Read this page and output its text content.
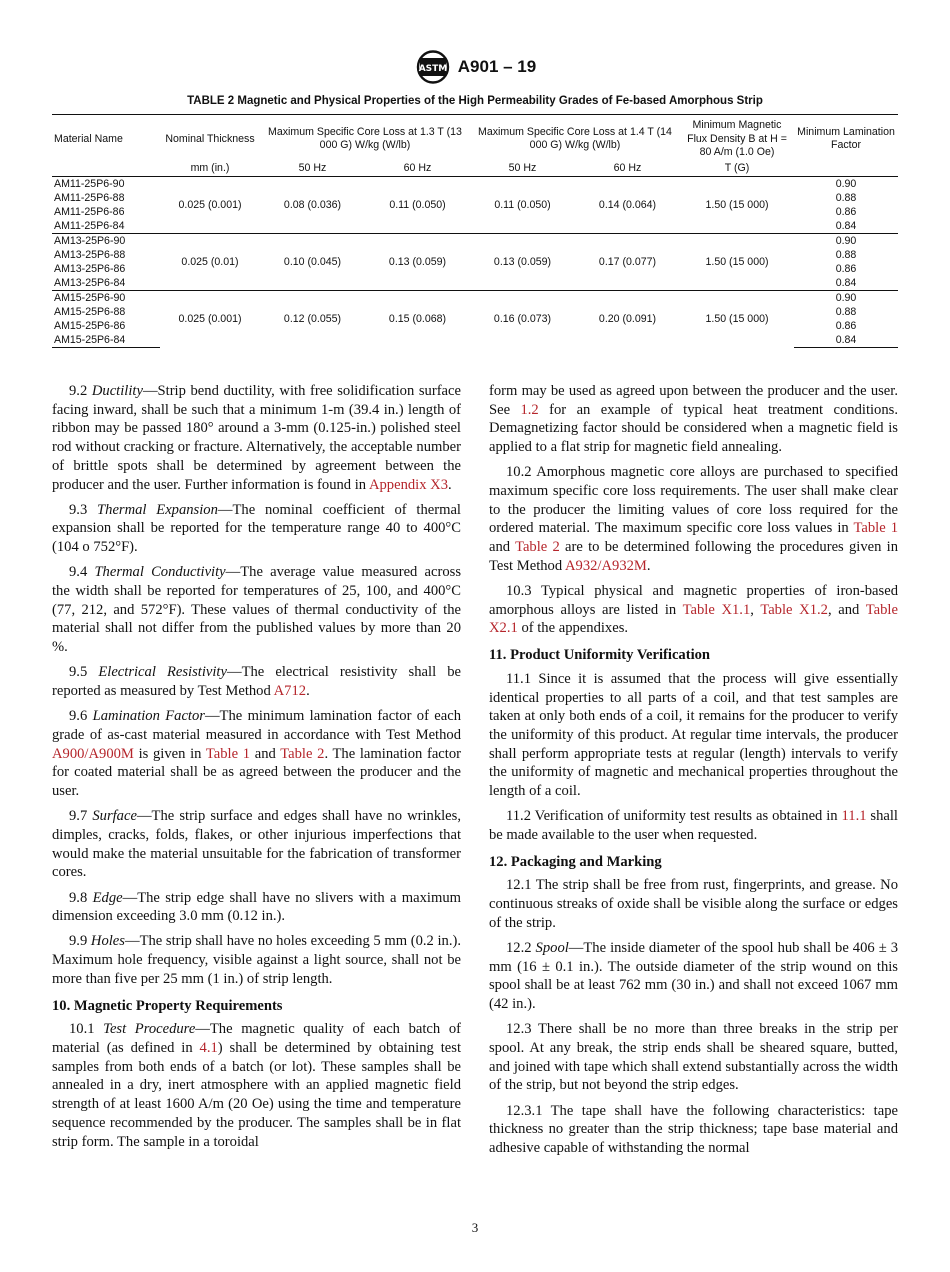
ASTM A901 – 19
TABLE 2 Magnetic and Physical Properties of the High Permeability Grades of Fe-based Amorphous Strip
Material Name	Nominal Thickness	Maximum Specific Core Loss at 1.3 T (13 000 G) W/kg (W/lb)		Maximum Specific Core Loss at 1.4 T (14 000 G) W/kg (W/lb)		Minimum Magnetic Flux Density B at H = 80 A/m (1.0 Oe)	Minimum Lamination Factor
	mm (in.)	50 Hz	60 Hz	50 Hz	60 Hz	T (G)	
AM11-25P6-90	0.025 (0.001)	0.08 (0.036)	0.11 (0.050)	0.11 (0.050)	0.14 (0.064)	1.50 (15 000)	0.90
AM11-25P6-88							0.88
AM11-25P6-86							0.86
AM11-25P6-84							0.84
AM13-25P6-90	0.025 (0.01)	0.10 (0.045)	0.13 (0.059)	0.13 (0.059)	0.17 (0.077)	1.50 (15 000)	0.90
AM13-25P6-88							0.88
AM13-25P6-86							0.86
AM13-25P6-84							0.84
AM15-25P6-90	0.025 (0.001)	0.12 (0.055)	0.15 (0.068)	0.16 (0.073)	0.20 (0.091)	1.50 (15 000)	0.90
AM15-25P6-88							0.88
AM15-25P6-86							0.86
AM15-25P6-84							0.84

9.2 Ductility—Strip bend ductility, with free solidification surface facing inward, shall be such that a minimum 1-m (39.4 in.) length of ribbon may be passed 180° around a 3-mm (0.125-in.) polished steel rod without cracking or fracture. Alternatively, the acceptable number of brittle spots shall be determined by agreement between the producer and the user. Further information is found in Appendix X3.

9.3 Thermal Expansion—The nominal coefficient of thermal expansion shall be reported for the temperature range 40 to 400°C (104 o 752°F).

9.4 Thermal Conductivity—The average value measured across the width shall be reported for temperatures of 25, 100, and 400°C (77, 212, and 572°F). These values of thermal conductivity of the material shall not differ from the published values by more than 20 %.

9.5 Electrical Resistivity—The electrical resistivity shall be reported as measured by Test Method A712.

9.6 Lamination Factor—The minimum lamination factor of each grade of as-cast material measured in accordance with Test Method A900/A900M is given in Table 1 and Table 2. The lamination factor for coated material shall be as agreed between the producer and the user.

9.7 Surface—The strip surface and edges shall have no wrinkles, dimples, cracks, folds, flakes, or other injurious imperfections that would make the material unsuitable for the fabrication of transformer cores.

9.8 Edge—The strip edge shall have no slivers with a maximum dimension exceeding 3.0 mm (0.12 in.).

9.9 Holes—The strip shall have no holes exceeding 5 mm (0.2 in.). Maximum hole frequency, visible against a light source, shall not be more than five per 25 mm (1 in.) of strip length.

10. Magnetic Property Requirements

10.1 Test Procedure—The magnetic quality of each batch of material (as defined in 4.1) shall be determined by obtaining test samples from both ends of a batch (or lot). These samples shall be annealed in a dry, inert atmosphere with an applied magnetic field strength of at least 1600 A/m (20 Oe) using the time and temperature sequence recommended by the producer. The samples shall be in flat strip form. The sample in a toroidal

form may be used as agreed upon between the producer and the user. See 1.2 for an example of typical heat treatment conditions. Demagnetizing factor should be considered when a magnetic field is applied to a flat strip for magnetic field annealing.

10.2 Amorphous magnetic core alloys are purchased to specified maximum specific core loss requirements. The user shall make clear to the producer the limiting values of core loss required for the ordered material. The maximum specific core loss values in Table 1 and Table 2 are to be determined following the procedures given in Test Method A932/A932M.

10.3 Typical physical and magnetic properties of iron-based amorphous alloys are listed in Table X1.1, Table X1.2, and Table X2.1 of the appendixes.

11. Product Uniformity Verification

11.1 Since it is assumed that the process will give essentially identical properties to all parts of a coil, and that test samples are taken at only both ends of a coil, it remains for the producer to verify the uniformity of this product. At regular time intervals, the producer shall perform appropriate tests at regular (length) intervals to verify the uniformity of magnetic and mechanical properties throughout the length of a coil.

11.2 Verification of uniformity test results as obtained in 11.1 shall be made available to the user when requested.

12. Packaging and Marking

12.1 The strip shall be free from rust, fingerprints, and grease. No continuous streaks of oxide shall be visible along the surface or edges of the strip.

12.2 Spool—The inside diameter of the spool hub shall be 406 ± 3 mm (16 ± 0.1 in.). The outside diameter of the strip wound on this spool shall be at least 762 mm (30 in.) and shall not exceed 1067 mm (42 in.).

12.3 There shall be no more than three breaks in the strip per spool. At any break, the strip ends shall be sheared square, butted, and joined with tape which shall extend substantially across the width of the strip, but not beyond the strip edges.

12.3.1 The tape shall have the following characteristics: tape thickness no greater than the strip thickness; tape base material and adhesive capable of withstanding the normal

3
